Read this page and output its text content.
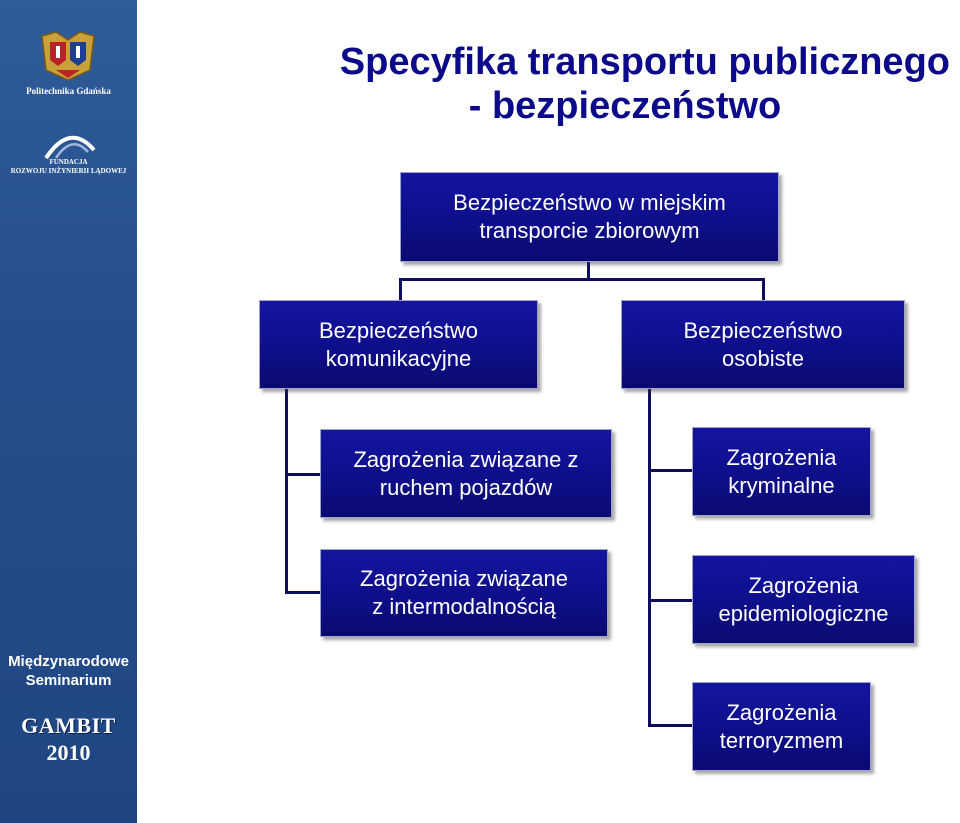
Politechnika Gdańska
FUNDACJA
ROZWOJU INŻYNIERII LĄDOWEJ
Międzynarodowe
Seminarium
GAMBIT
2010
Specyfika transportu publicznego
- bezpieczeństwo
Bezpieczeństwo w miejskim
transporcie zbiorowym
Bezpieczeństwo
komunikacyjne
Bezpieczeństwo
osobiste
Zagrożenia związane z
ruchem pojazdów
Zagrożenia związane
z intermodalnością
Zagrożenia
kryminalne
Zagrożenia
epidemiologiczne
Zagrożenia
terroryzmem
